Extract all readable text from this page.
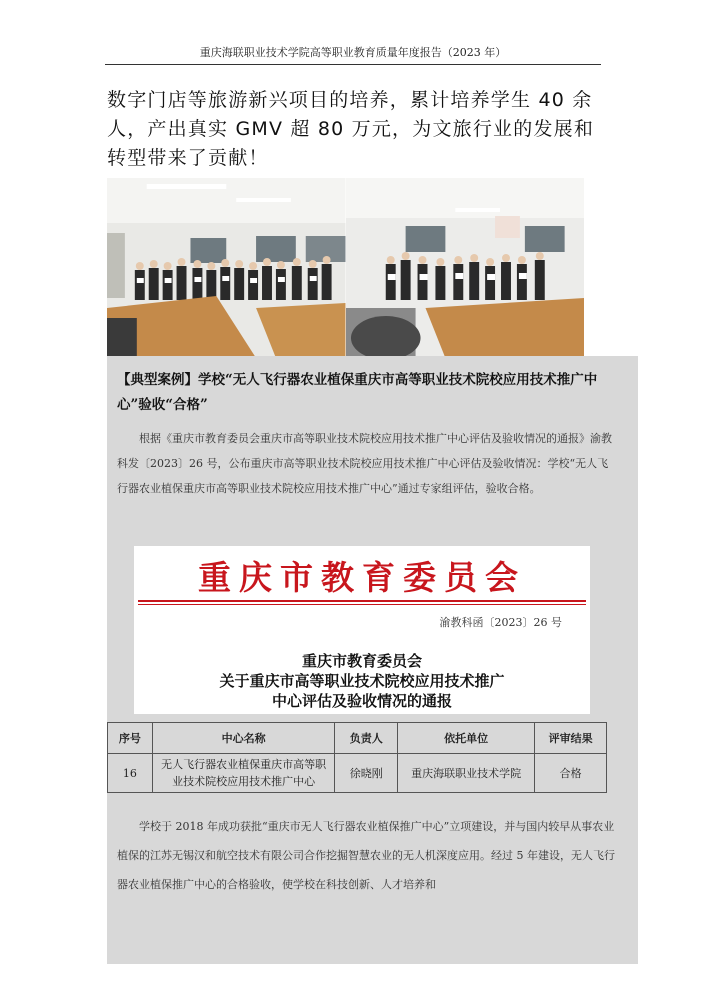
重庆海联职业技术学院高等职业教育质量年度报告（2023 年）
数字门店等旅游新兴项目的培养，累计培养学生 40 余人，产出真实 GMV 超 80 万元，为文旅行业的发展和转型带来了贡献！
【典型案例】学校“无人飞行器农业植保重庆市高等职业技术院校应用技术推广中心”验收“合格”
根据《重庆市教育委员会重庆市高等职业技术院校应用技术推广中心评估及验收情况的通报》渝教科发〔2023〕26 号，公布重庆市高等职业技术院校应用技术推广中心评估及验收情况：学校“无人飞行器农业植保重庆市高等职业技术院校应用技术推广中心”通过专家组评估，验收合格。
重庆市教育委员会
渝教科函〔2023〕26 号
重庆市教育委员会
关于重庆市高等职业技术院校应用技术推广
中心评估及验收情况的通报
序号	中心名称	负责人	依托单位	评审结果
16	无人飞行器农业植保重庆市高等职业技术院校应用技术推广中心	徐晓刚	重庆海联职业技术学院	合格
学校于 2018 年成功获批“重庆市无人飞行器农业植保推广中心”立项建设，并与国内较早从事农业植保的江苏无锡汉和航空技术有限公司合作挖掘智慧农业的无人机深度应用。经过 5 年建设，无人飞行器农业植保推广中心的合格验收，使学校在科技创新、人才培养和
